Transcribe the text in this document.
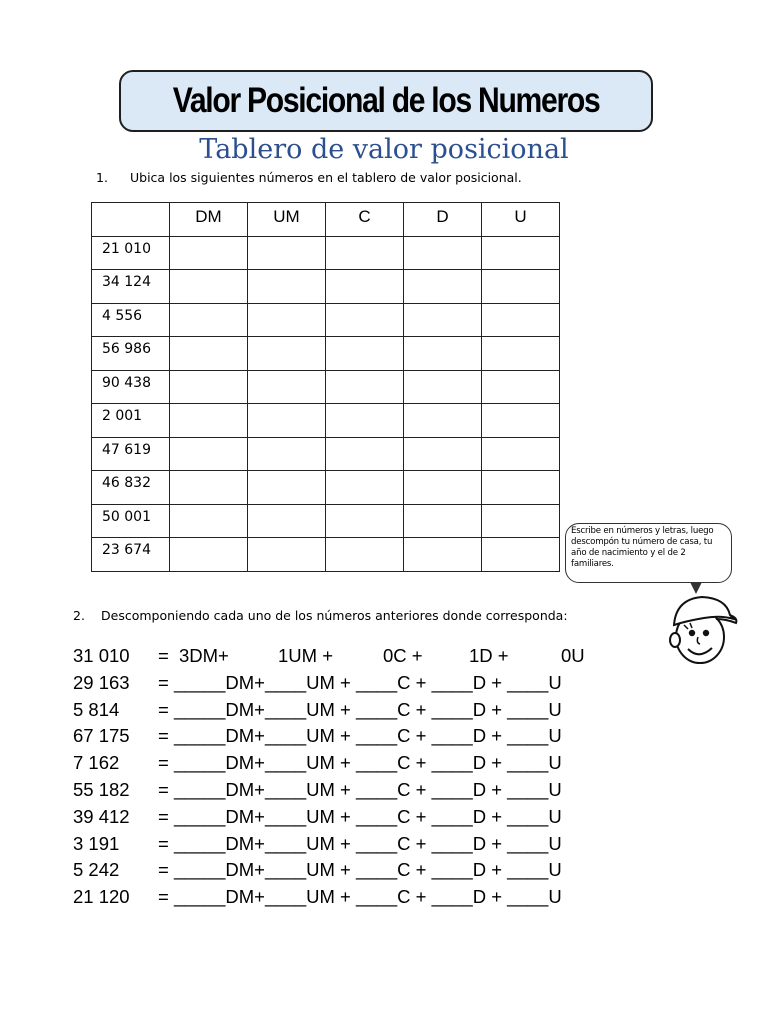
Valor Posicional de los Numeros
Tablero de valor posicional
1. Ubica los siguientes números en el tablero de valor posicional.
	DM	UM	C	D	U
21 010					
34 124					
4 556					
56 986					
90 438					
2 001					
47 619					
46 832					
50 001					
23 674					
Escribe en números y letras, luego descompón tu número de casa, tu año de nacimiento y el de 2 familiares.
2. Descomponiendo cada uno de los números anteriores donde corresponda:
31 010 = 3DM+	1UM +	0C +	1D +	0U
29 163 = _____DM+____UM + ____C + ____D + ____U
5 814 = _____DM+____UM + ____C + ____D + ____U
67 175 = _____DM+____UM + ____C + ____D + ____U
7 162 = _____DM+____UM + ____C + ____D + ____U
55 182 = _____DM+____UM + ____C + ____D + ____U
39 412 = _____DM+____UM + ____C + ____D + ____U
3 191 = _____DM+____UM + ____C + ____D + ____U
5 242 = _____DM+____UM + ____C + ____D + ____U
21 120 = _____DM+____UM + ____C + ____D + ____U
